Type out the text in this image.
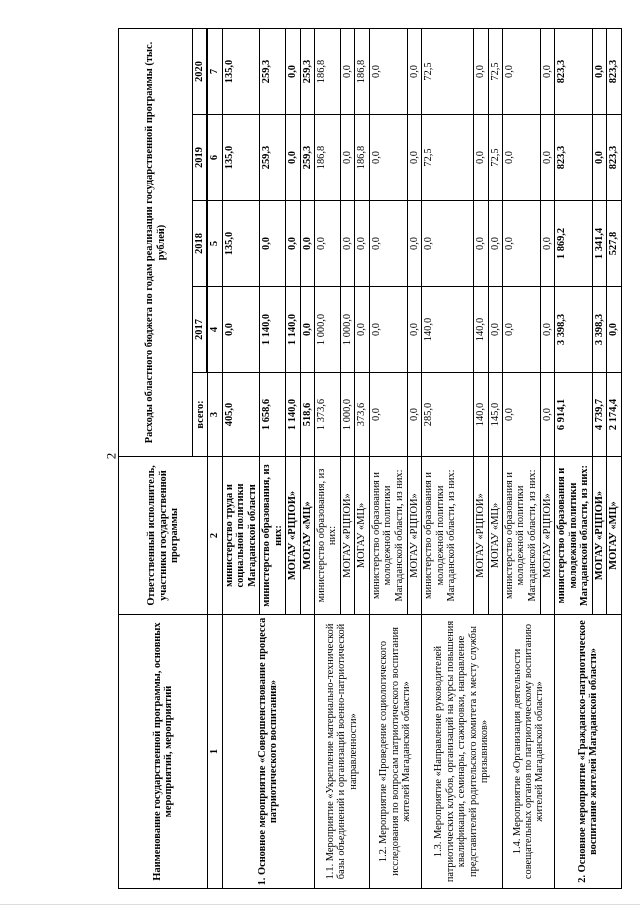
2
Наименование государственной программы, основных мероприятий, мероприятий	Ответственный исполнитель, участники государственной программы	Расходы областного бюджета по годам реализации государственной программы (тыс. рублей)				
		всего:	2017	2018	2019	2020

1	2	3	4	5	6	7
1. Основное мероприятие «Совершенствование процесса патриотического воспитания»	министерство труда и социальной политики Магаданской области	405,0	0,0	135,0	135,0	135,0
	министерство образования, из них:	1 658,6	1 140,0	0,0	259,3	259,3
	МОГАУ «РЦПОИ»	1 140,0	1 140,0	0,0	0,0	0,0
	МОГАУ «МЦ»	518,6	0,0	0,0	259,3	259,3
1.1. Мероприятие «Укрепление материально-технической базы объединений и организаций военно-патриотической направленности»	министерство образования, из них:	1 373,6	1 000,0	0,0	186,8	186,8
	МОГАУ «РЦПОИ»	1 000,0	1 000,0	0,0	0,0	0,0
	МОГАУ «МЦ»	373,6	0,0	0,0	186,8	186,8
1.2. Мероприятие «Проведение социологического исследования по вопросам патриотического воспитания жителей Магаданской области»	министерство образования и молодежной политики Магаданской области, из них:	0,0	0,0	0,0	0,0	0,0
	МОГАУ «РЦПОИ»	0,0	0,0	0,0	0,0	0,0
1.3. Мероприятие «Направление руководителей патриотических клубов, организаций на курсы повышения квалификации, семинары, стажировки, направление представителей родительского комитета к месту службы призывников»	министерство образования и молодежной политики Магаданской области, из них:	285,0	140,0	0,0	72,5	72,5
	МОГАУ «РЦПОИ»	140,0	140,0	0,0	0,0	0,0
	МОГАУ «МЦ»	145,0	0,0	0,0	72,5	72,5
1.4. Мероприятие «Организация деятельности совещательных органов по патриотическому воспитанию жителей Магаданской области»	министерство образования и молодежной политики Магаданской области, из них:	0,0	0,0	0,0	0,0	0,0
	МОГАУ «РЦПОИ»	0,0	0,0	0,0	0,0	0,0
2. Основное мероприятие «Гражданско-патриотическое воспитание жителей Магаданской области»	министерство образования и молодежной политики Магаданской области, из них:	6 914,1	3 398,3	1 869,2	823,3	823,3
	МОГАУ «РЦПОИ»	4 739,7	3 398,3	1 341,4	0,0	0,0
	МОГАУ «МЦ»	2 174,4	0,0	527,8	823,3	823,3
